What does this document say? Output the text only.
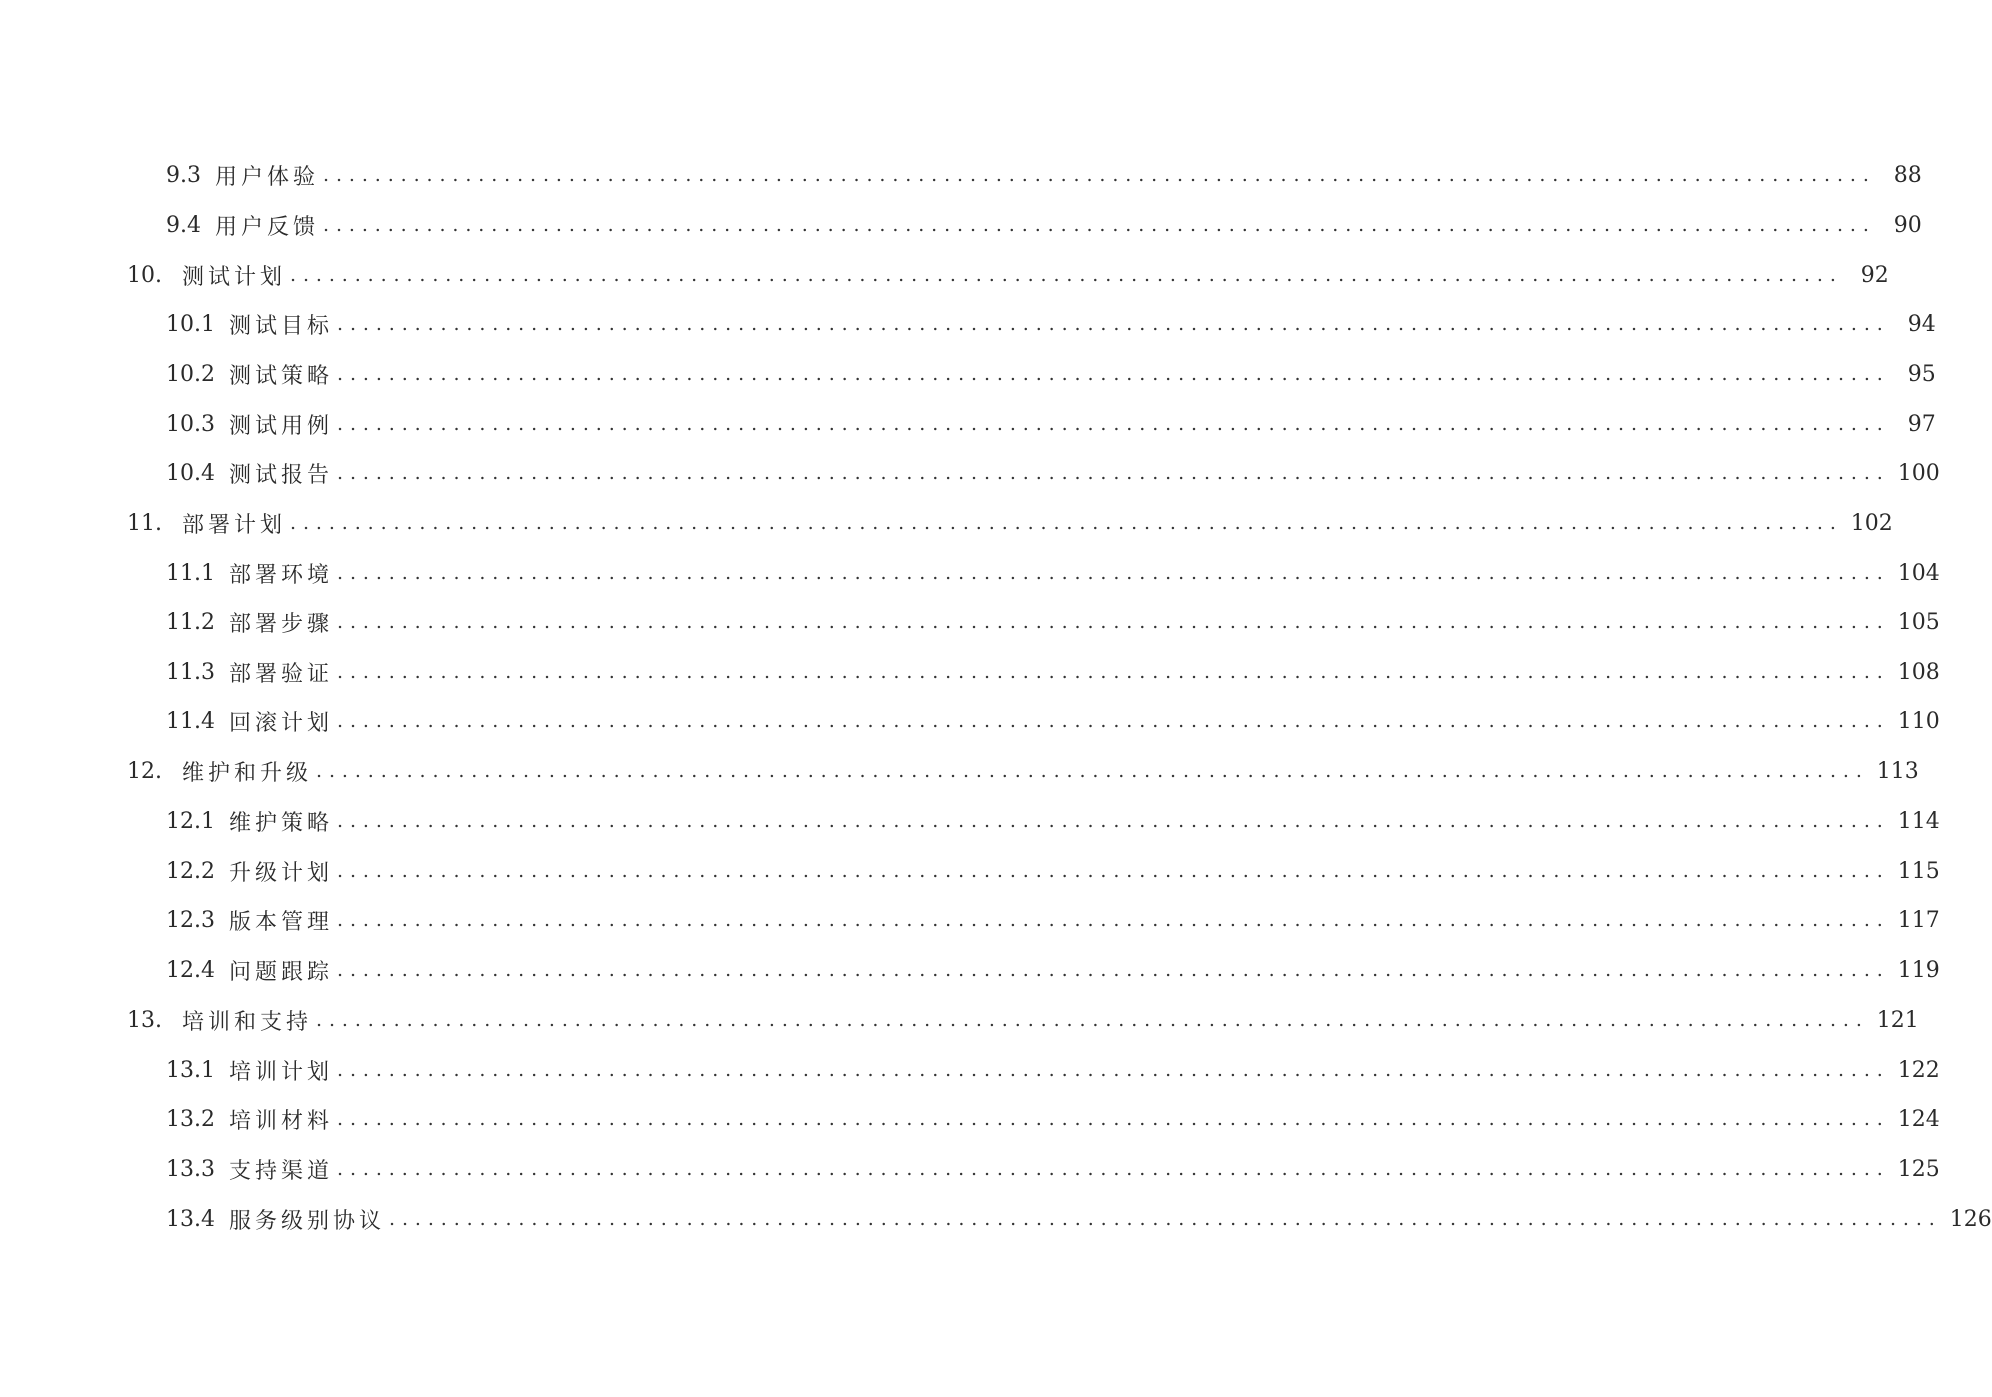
9.3 用户体验 ........................................................................................................................ 88
9.4 用户反馈 ........................................................................................................................ 90
10. 测试计划 ........................................................................................................................ 92
10.1 测试目标 ........................................................................................................................ 94
10.2 测试策略 ........................................................................................................................ 95
10.3 测试用例 ........................................................................................................................ 97
10.4 测试报告 ........................................................................................................................ 100
11. 部署计划 ........................................................................................................................ 102
11.1 部署环境 ........................................................................................................................ 104
11.2 部署步骤 ........................................................................................................................ 105
11.3 部署验证 ........................................................................................................................ 108
11.4 回滚计划 ........................................................................................................................ 110
12. 维护和升级 ........................................................................................................................ 113
12.1 维护策略 ........................................................................................................................ 114
12.2 升级计划 ........................................................................................................................ 115
12.3 版本管理 ........................................................................................................................ 117
12.4 问题跟踪 ........................................................................................................................ 119
13. 培训和支持 ........................................................................................................................ 121
13.1 培训计划 ........................................................................................................................ 122
13.2 培训材料 ........................................................................................................................ 124
13.3 支持渠道 ........................................................................................................................ 125
13.4 服务级别协议 ........................................................................................................................ 126
